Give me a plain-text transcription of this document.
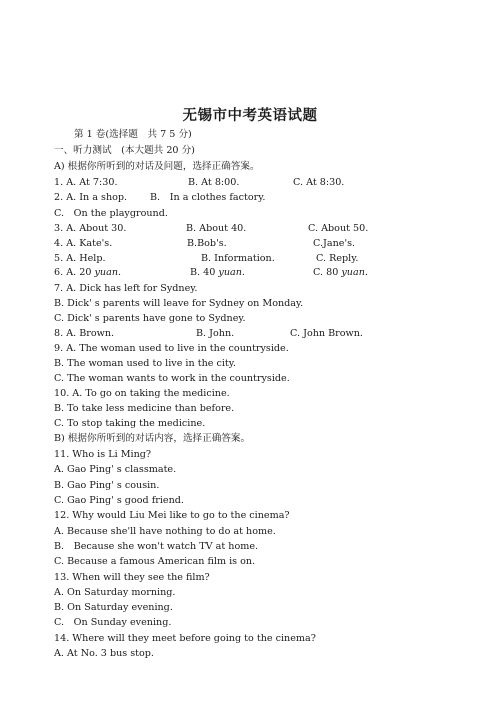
无锡市中考英语试题
第 1 卷(选择题　共 7 5 分)
一、听力测试　(本大题共 20 分)
A) 根据你所听到的对话及问题，选择正确答案。
1. A. At 7:30.	B. At 8:00.	C. At 8:30.
2. A. In a shop. B.　In a clothes factory.
C.　On the playground.
3. A. About 30.	B. About 40.	C. About 50.
4. A. Kate's.	B.Bob's.	C.Jane's.
5. A. Help.	B. Information.	C. Reply.
6. A. 20 yuan.	B. 40 yuan.	C. 80 yuan.
7. A. Dick has left for Sydney.
B. Dick' s parents will leave for Sydney on Monday.
C. Dick' s parents have gone to Sydney.
8. A. Brown.	B. John.	C. John Brown.
9. A. The woman used to live in the countryside.
B. The woman used to live in the city.
C. The woman wants to work in the countryside.
10. A. To go on taking the medicine.
B. To take less medicine than before.
C. To stop taking the medicine.
B) 根据你所听到的对话内容，选择正确答案。
11. Who is Li Ming?
A. Gao Ping' s classmate.
B. Gao Ping' s cousin.
C. Gao Ping' s good friend.
12. Why would Liu Mei like to go to the cinema?
A. Because she'll have nothing to do at home.
B.　Because she won't watch TV at home.
C. Because a famous American film is on.
13. When will they see the film?
A. On Saturday morning.
B. On Saturday evening.
C.　On Sunday evening.
14. Where will they meet before going to the cinema?
A. At No. 3 bus stop.
